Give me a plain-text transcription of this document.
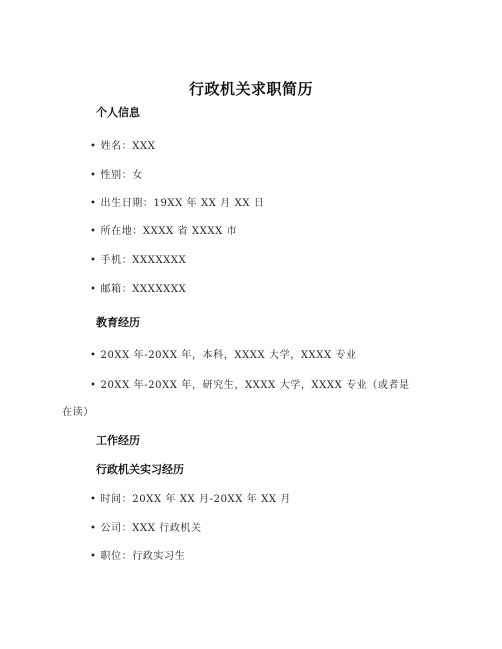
行政机关求职简历
个人信息
• 姓名：XXX
• 性别：女
• 出生日期：19XX 年 XX 月 XX 日
• 所在地：XXXX 省 XXXX 市
• 手机：XXXXXXX
• 邮箱：XXXXXXX
教育经历
• 20XX 年-20XX 年，本科，XXXX 大学，XXXX 专业
• 20XX 年-20XX 年，研究生，XXXX 大学，XXXX 专业（或者是
在读）
工作经历
行政机关实习经历
• 时间：20XX 年 XX 月-20XX 年 XX 月
• 公司：XXX 行政机关
• 职位：行政实习生
